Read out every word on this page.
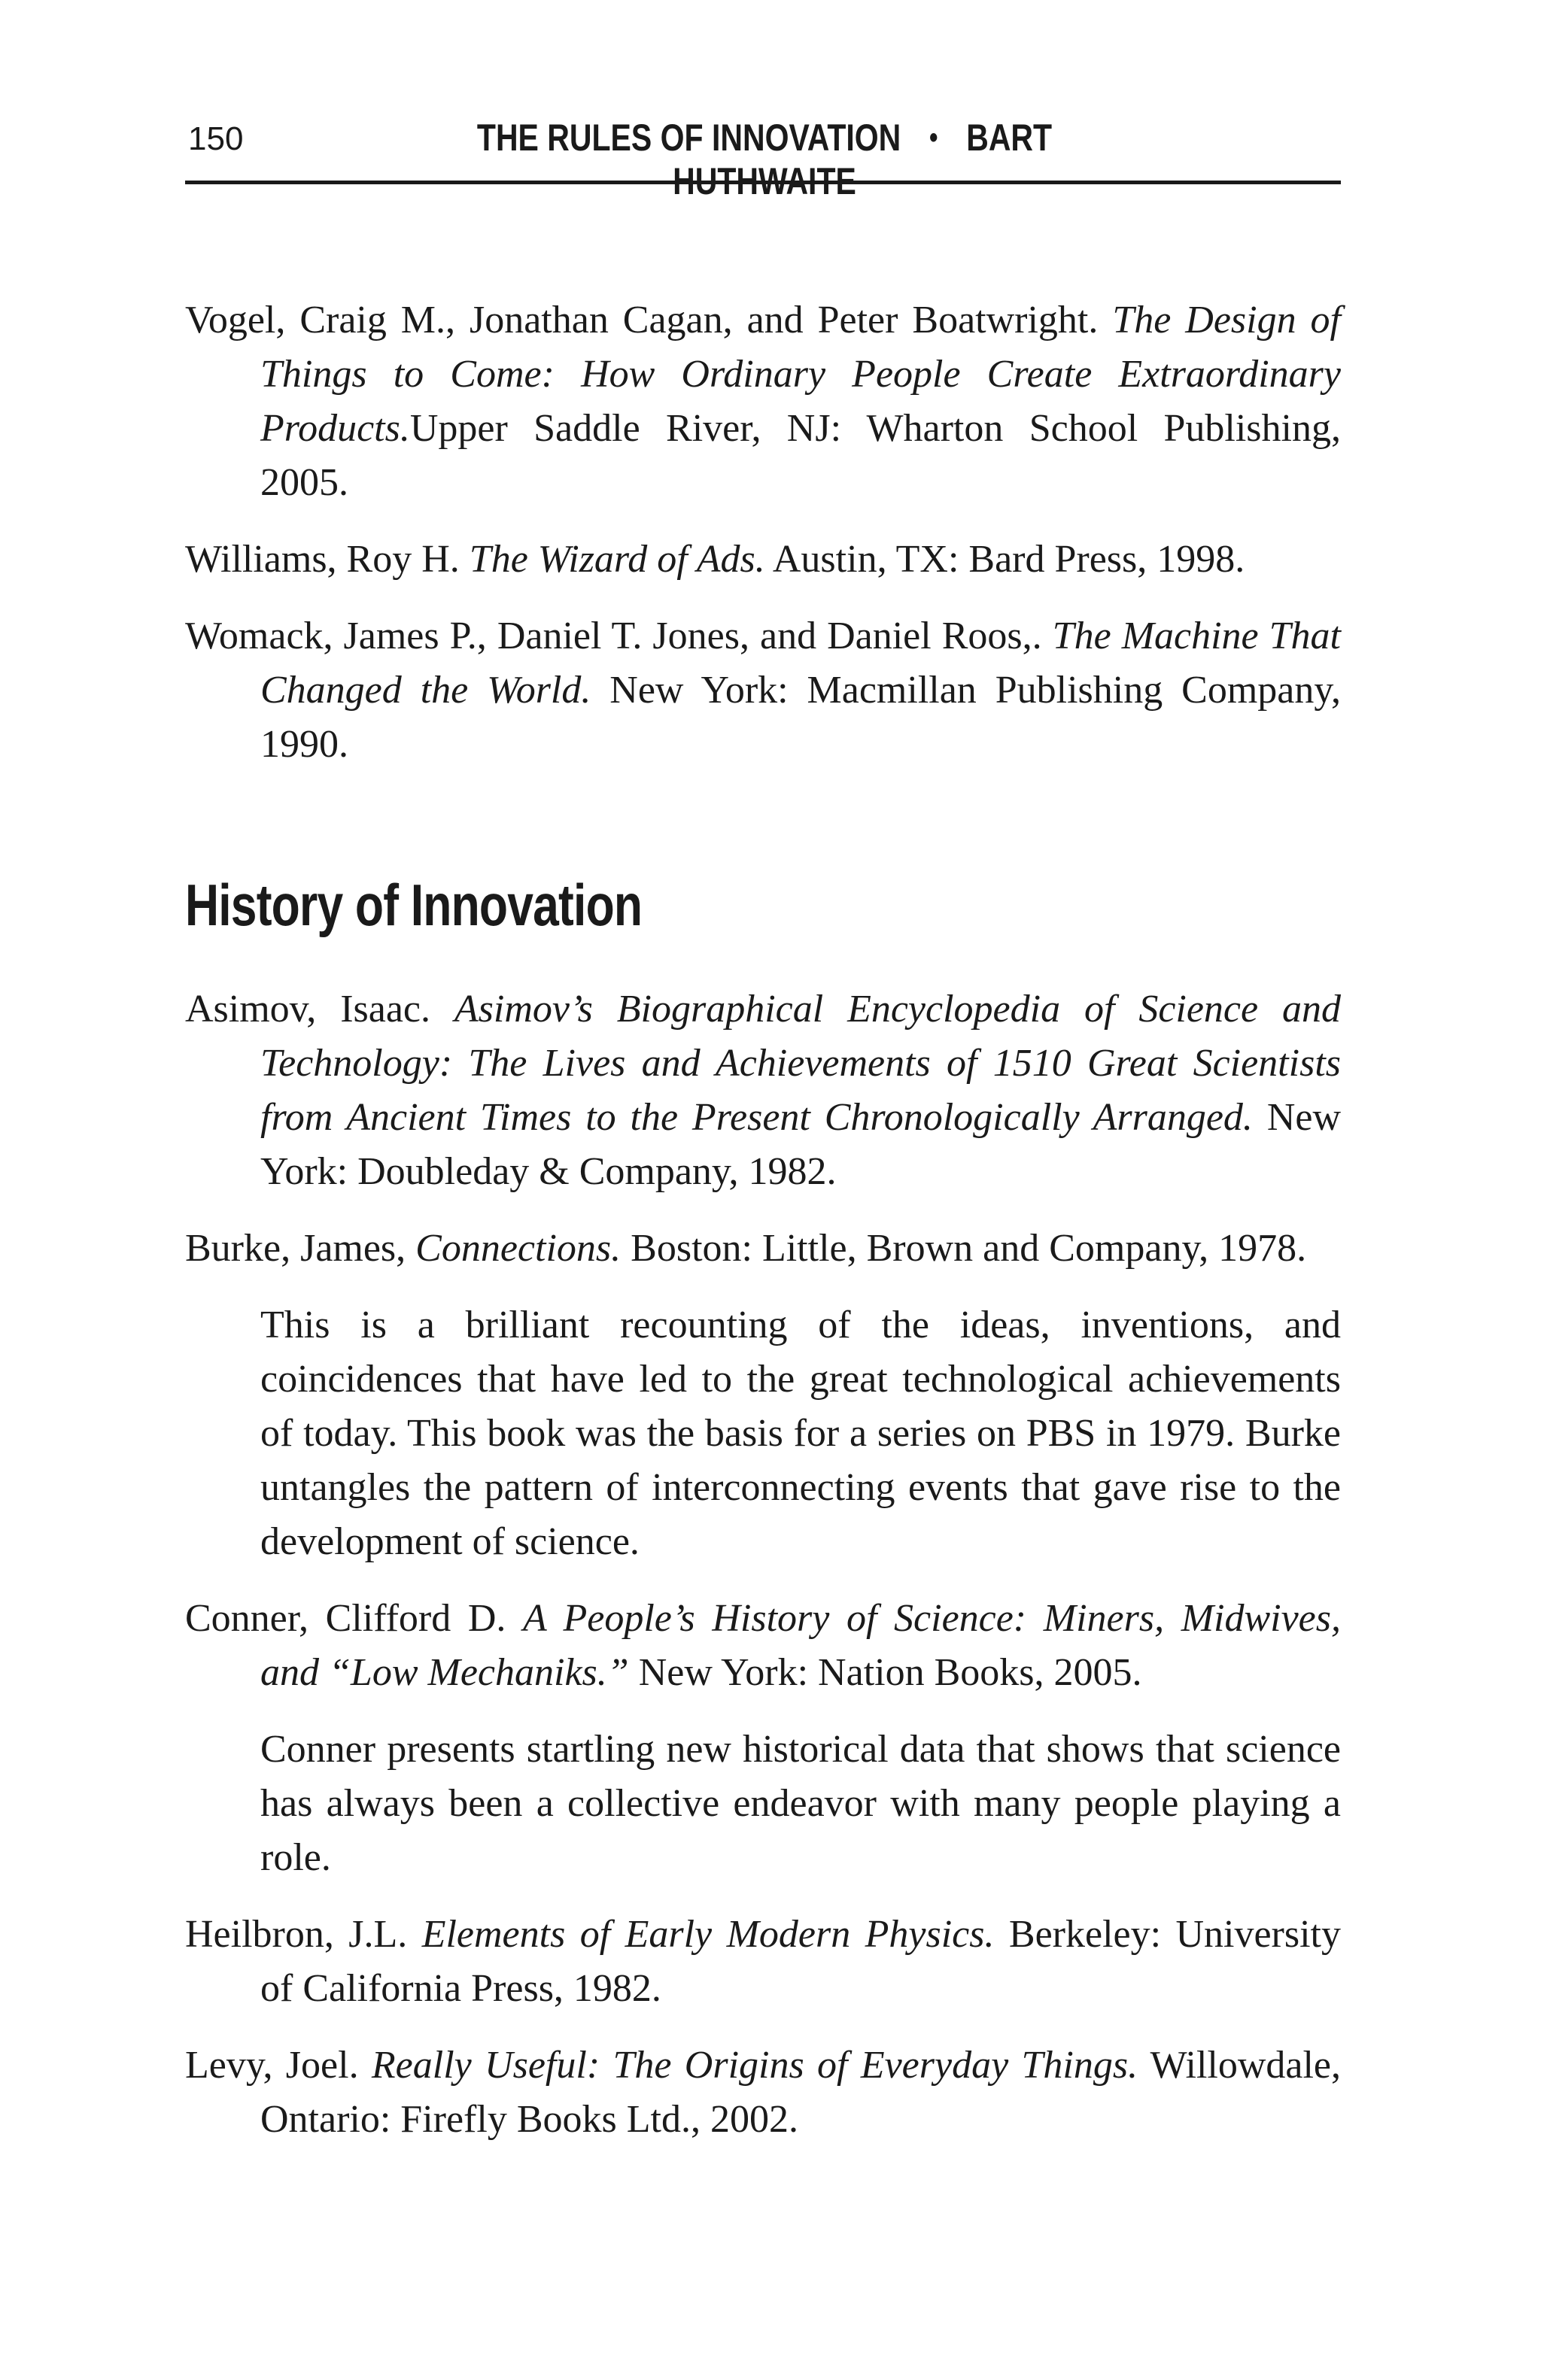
150	THE RULES OF INNOVATION • BART HUTHWAITE

Vogel, Craig M., Jonathan Cagan, and Peter Boatwright. The Design of Things to Come: How Ordinary People Create Extraordinary Products.Upper Saddle River, NJ: Wharton School Publishing, 2005.

Williams, Roy H. The Wizard of Ads. Austin, TX: Bard Press, 1998.

Womack, James P., Daniel T. Jones, and Daniel Roos,. The Machine That Changed the World. New York: Macmillan Publishing Company, 1990.

History of Innovation

Asimov, Isaac. Asimov’s Biographical Encyclopedia of Science and Technology: The Lives and Achievements of 1510 Great Scientists from Ancient Times to the Present Chronologically Arranged. New York: Doubleday & Company, 1982.

Burke, James, Connections. Boston: Little, Brown and Company, 1978.

This is a brilliant recounting of the ideas, inventions, and coincidences that have led to the great technological achievements of today. This book was the basis for a series on PBS in 1979. Burke untangles the pattern of interconnecting events that gave rise to the development of science.

Conner, Clifford D. A People’s History of Science: Miners, Midwives, and “Low Mechaniks.” New York: Nation Books, 2005.

Conner presents startling new historical data that shows that science has always been a collective endeavor with many people playing a role.

Heilbron, J.L. Elements of Early Modern Physics. Berkeley: University of California Press, 1982.

Levy, Joel. Really Useful: The Origins of Everyday Things. Willowdale, Ontario: Firefly Books Ltd., 2002.
